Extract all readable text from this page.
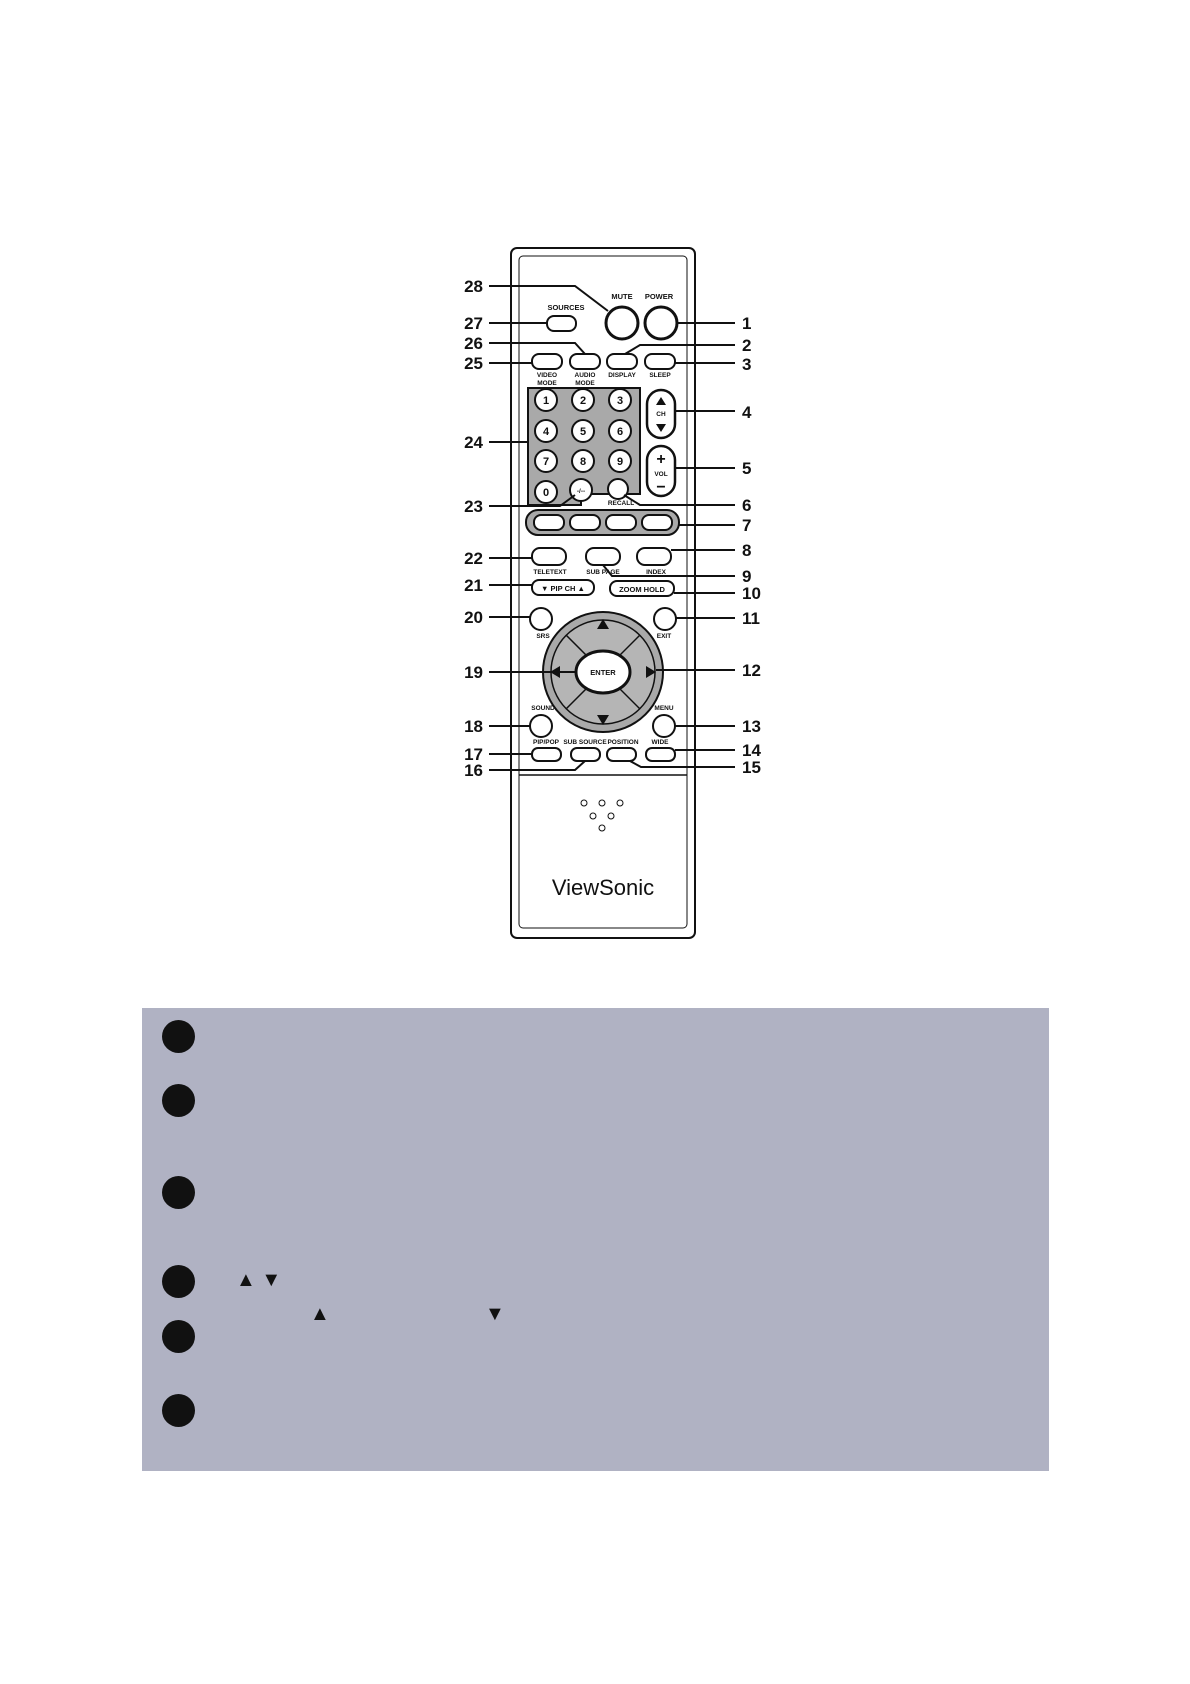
MUTE POWER
SOURCES
VIDEO
MODE
AUDIO
MODE
DISPLAY SLEEP
1	2	3
4	5	6
7	8	9
0	-/--
RECALL
CH
+
VOL
−
TELETEXT	SUB PAGE	INDEX
▼ PIP CH ▲	ZOOM HOLD
SRS	EXIT
ENTER
SOUND	MENU
PIP/POP SUB SOURCE POSITION WIDE
ViewSonic
1
2
3
4
5
6
7
8
9
10
11
12
13
14
15
16
17
18
19
20
21
22
23
24
25
26
27
28
▲ ▼
▲	▼
